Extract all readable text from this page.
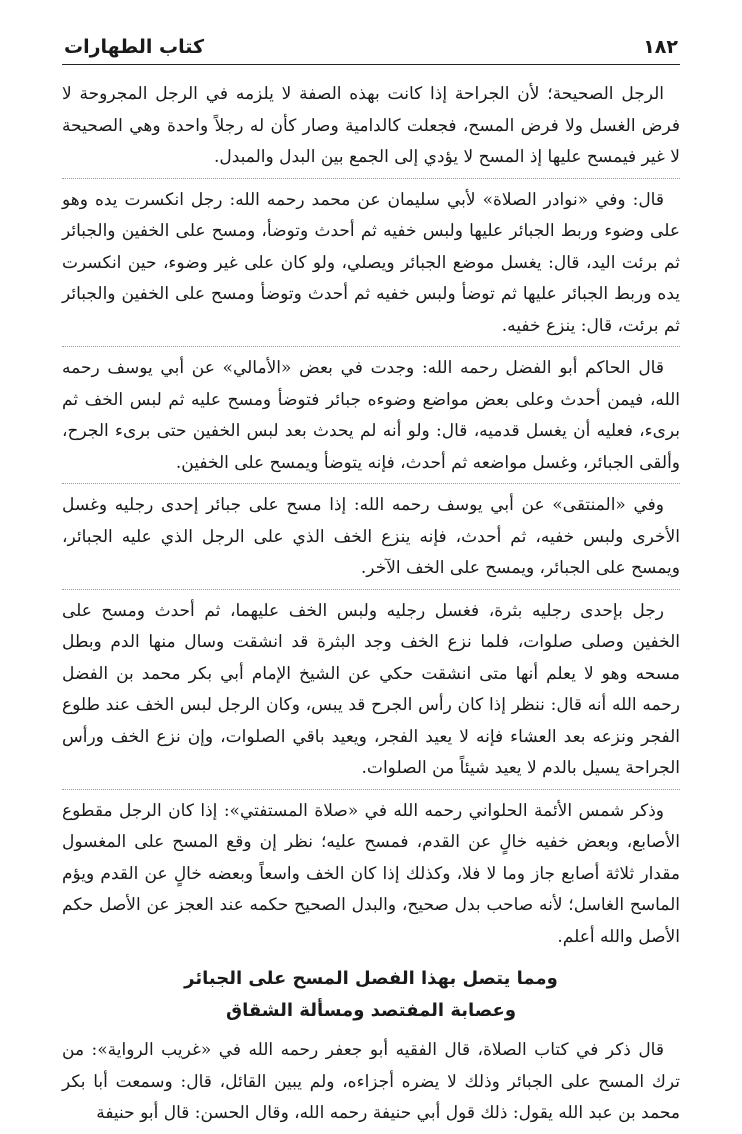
١٨٢
كتاب الطهارات

الرجل الصحيحة؛ لأن الجراحة إذا كانت بهذه الصفة لا يلزمه في الرجل المجروحة لا فرض الغسل ولا فرض المسح، فجعلت كالدامية وصار كأن له رجلاً واحدة وهي الصحيحة لا غير فيمسح عليها إذ المسح لا يؤدي إلى الجمع بين البدل والمبدل.

قال: وفي «نوادر الصلاة» لأبي سليمان عن محمد رحمه الله: رجل انكسرت يده وهو على وضوء وربط الجبائر عليها ولبس خفيه ثم أحدث وتوضأ، ومسح على الخفين والجبائر ثم برئت اليد، قال: يغسل موضع الجبائر ويصلي، ولو كان على غير وضوء، حين انكسرت يده وربط الجبائر عليها ثم توضأ ولبس خفيه ثم أحدث وتوضأ ومسح على الخفين والجبائر ثم برئت، قال: ينزع خفيه.

قال الحاكم أبو الفضل رحمه الله: وجدت في بعض «الأمالي» عن أبي يوسف رحمه الله، فيمن أحدث وعلى بعض مواضع وضوءه جبائر فتوضأ ومسح عليه ثم لبس الخف ثم برىء، فعليه أن يغسل قدميه، قال: ولو أنه لم يحدث بعد لبس الخفين حتى برىء الجرح، وألقى الجبائر، وغسل مواضعه ثم أحدث، فإنه يتوضأ ويمسح على الخفين.

وفي «المنتقى» عن أبي يوسف رحمه الله: إذا مسح على جبائر إحدى رجليه وغسل الأخرى ولبس خفيه، ثم أحدث، فإنه ينزع الخف الذي على الرجل الذي عليه الجبائر، ويمسح على الجبائر، ويمسح على الخف الآخر.

رجل بإحدى رجليه بثرة، فغسل رجليه ولبس الخف عليهما، ثم أحدث ومسح على الخفين وصلى صلوات، فلما نزع الخف وجد البثرة قد انشقت وسال منها الدم وبطل مسحه وهو لا يعلم أنها متى انشقت حكي عن الشيخ الإمام أبي بكر محمد بن الفضل رحمه الله أنه قال: ننظر إذا كان رأس الجرح قد يبس، وكان الرجل لبس الخف عند طلوع الفجر ونزعه بعد العشاء فإنه لا يعيد الفجر، ويعيد باقي الصلوات، وإن نزع الخف ورأس الجراحة يسيل بالدم لا يعيد شيئاً من الصلوات.

وذكر شمس الأئمة الحلواني رحمه الله في «صلاة المستفتي»: إذا كان الرجل مقطوع الأصابع، وبعض خفيه خالٍ عن القدم، فمسح عليه؛ نظر إن وقع المسح على المغسول مقدار ثلاثة أصابع جاز وما لا فلا، وكذلك إذا كان الخف واسعاً وبعضه خالٍ عن القدم ويؤم الماسح الغاسل؛ لأنه صاحب بدل صحيح، والبدل الصحيح حكمه عند العجز عن الأصل حكم الأصل والله أعلم.

ومما يتصل بهذا الفصل المسح على الجبائر
وعصابة المفتصد ومسألة الشقاق

قال ذكر في كتاب الصلاة، قال الفقيه أبو جعفر رحمه الله في «غريب الرواية»: من ترك المسح على الجبائر وذلك لا يضره أجزاءه، ولم يبين القائل، قال: وسمعت أبا بكر محمد بن عبد الله يقول: ذلك قول أبي حنيفة رحمه الله، وقال الحسن: قال أبو حنيفة
